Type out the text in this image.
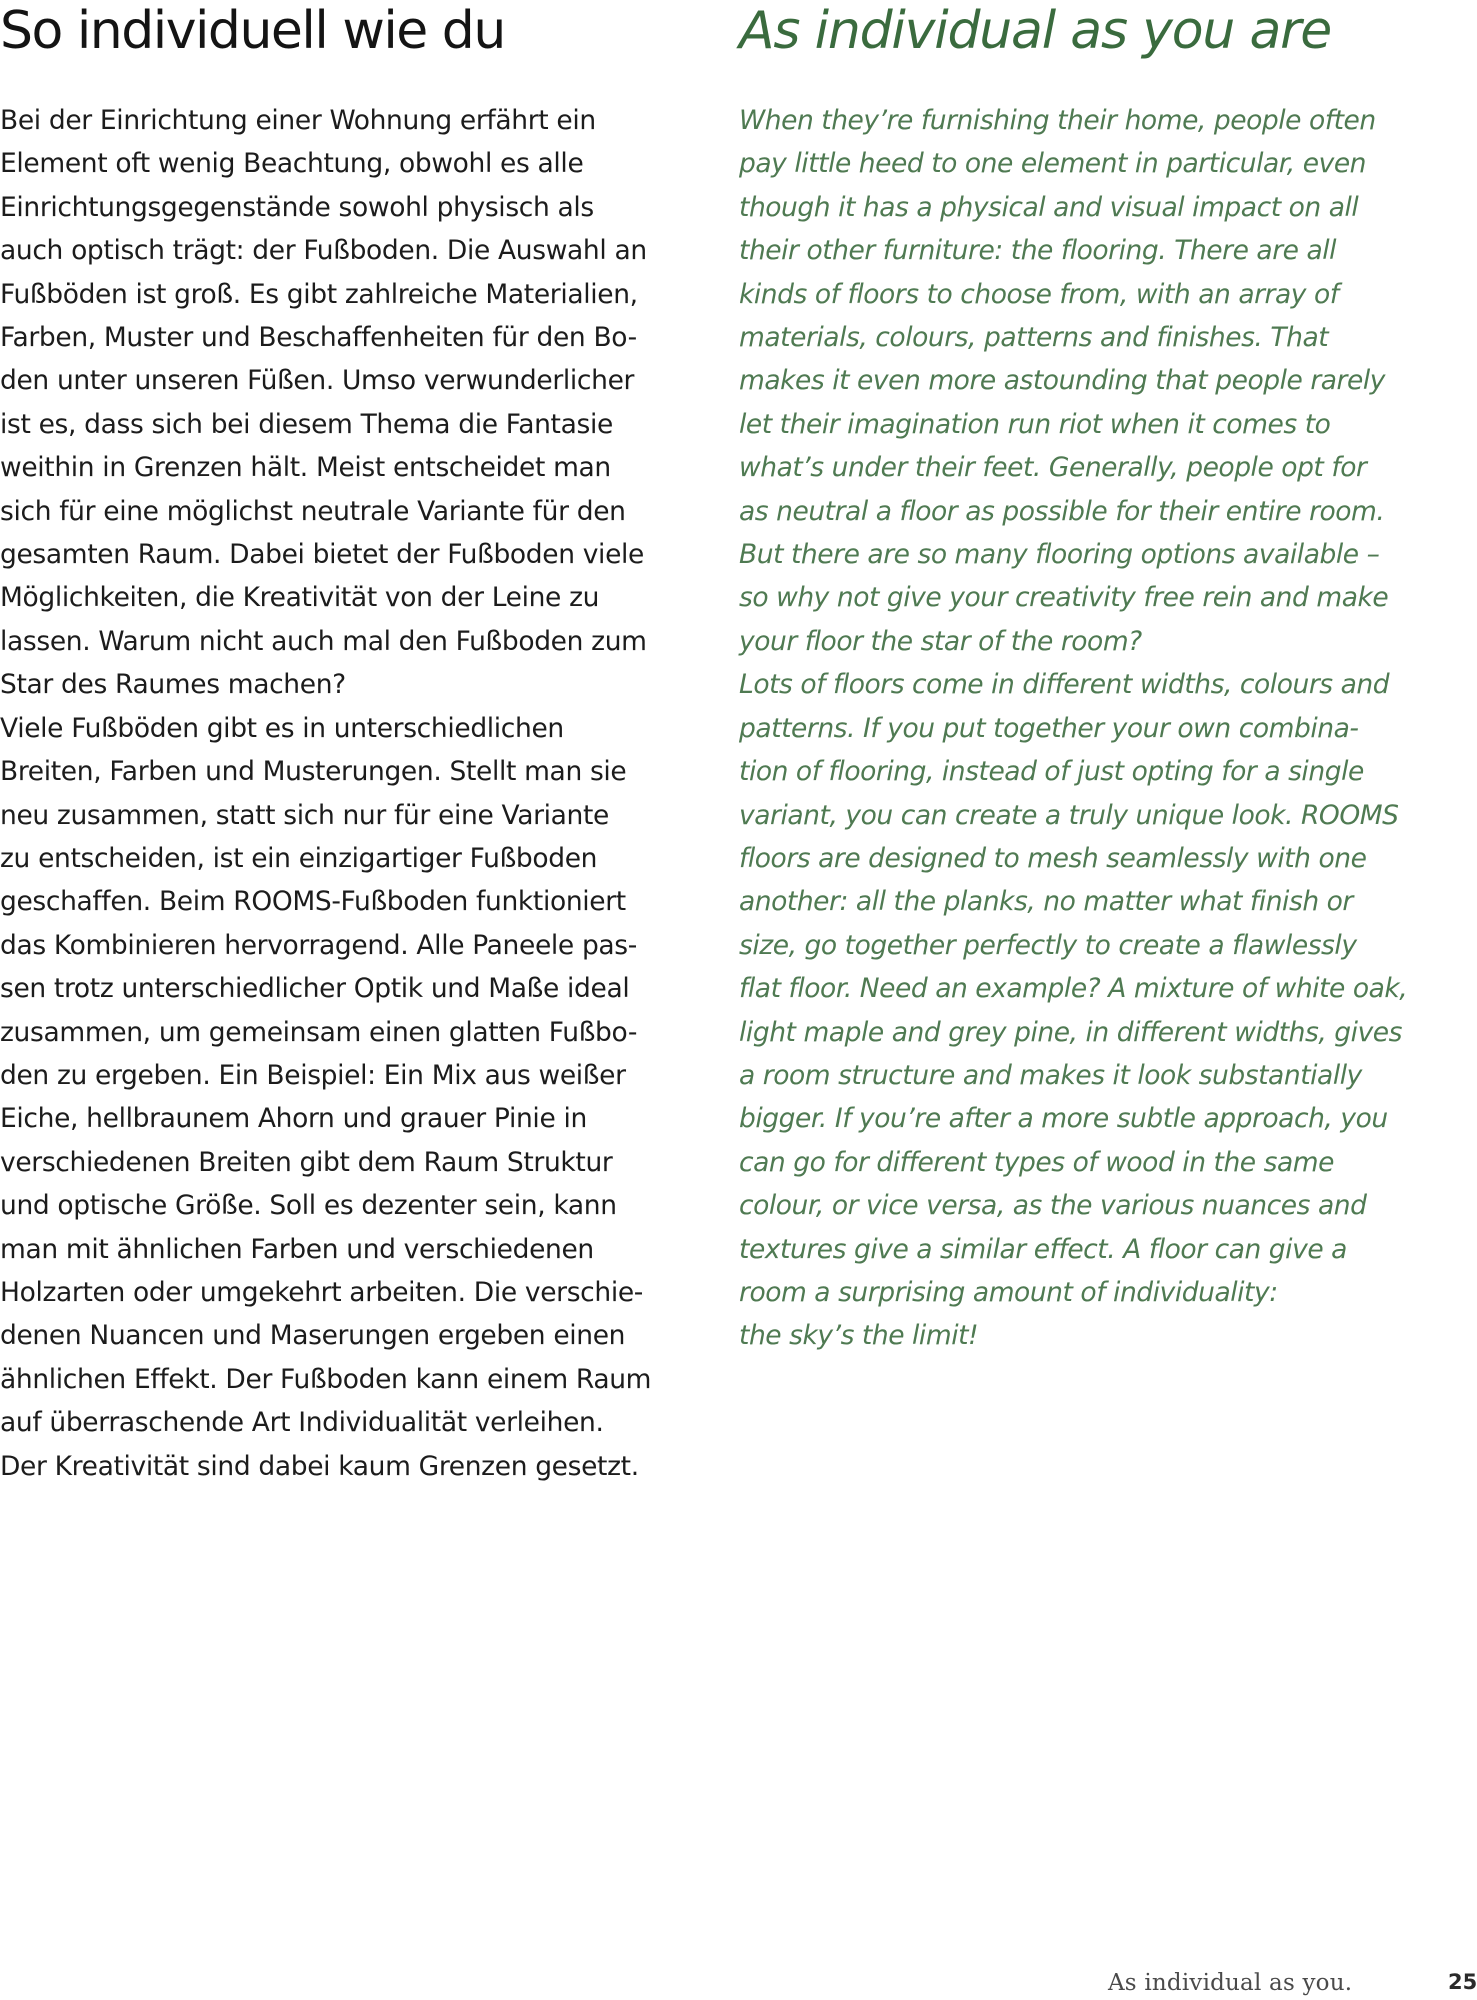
So individuell wie du
Bei der Einrichtung einer Wohnung erfährt ein
Element oft wenig Beachtung, obwohl es alle
Einrichtungsgegenstände sowohl physisch als
auch optisch trägt: der Fußboden. Die Auswahl an
Fußböden ist groß. Es gibt zahlreiche Materialien,
Farben, Muster und Beschaffenheiten für den Bo-
den unter unseren Füßen. Umso verwunderlicher
ist es, dass sich bei diesem Thema die Fantasie
weithin in Grenzen hält. Meist entscheidet man
sich für eine möglichst neutrale Variante für den
gesamten Raum. Dabei bietet der Fußboden viele
Möglichkeiten, die Kreativität von der Leine zu
lassen. Warum nicht auch mal den Fußboden zum
Star des Raumes machen?
Viele Fußböden gibt es in unterschiedlichen
Breiten, Farben und Musterungen. Stellt man sie
neu zusammen, statt sich nur für eine Variante
zu entscheiden, ist ein einzigartiger Fußboden
geschaffen. Beim ROOMS-Fußboden funktioniert
das Kombinieren hervorragend. Alle Paneele pas-
sen trotz unterschiedlicher Optik und Maße ideal
zusammen, um gemeinsam einen glatten Fußbo-
den zu ergeben. Ein Beispiel: Ein Mix aus weißer
Eiche, hellbraunem Ahorn und grauer Pinie in
verschiedenen Breiten gibt dem Raum Struktur
und optische Größe. Soll es dezenter sein, kann
man mit ähnlichen Farben und verschiedenen
Holzarten oder umgekehrt arbeiten. Die verschie-
denen Nuancen und Maserungen ergeben einen
ähnlichen Effekt. Der Fußboden kann einem Raum
auf überraschende Art Individualität verleihen.
Der Kreativität sind dabei kaum Grenzen gesetzt.
As individual as you are
When they’re furnishing their home, people often
pay little heed to one element in particular, even
though it has a physical and visual impact on all
their other furniture: the flooring. There are all
kinds of floors to choose from, with an array of
materials, colours, patterns and finishes. That
makes it even more astounding that people rarely
let their imagination run riot when it comes to
what’s under their feet. Generally, people opt for
as neutral a floor as possible for their entire room.
But there are so many flooring options available –
so why not give your creativity free rein and make
your floor the star of the room?
Lots of floors come in different widths, colours and
patterns. If you put together your own combina-
tion of flooring, instead of just opting for a single
variant, you can create a truly unique look. ROOMS
floors are designed to mesh seamlessly with one
another: all the planks, no matter what finish or
size, go together perfectly to create a flawlessly
flat floor. Need an example? A mixture of white oak,
light maple and grey pine, in different widths, gives
a room structure and makes it look substantially
bigger. If you’re after a more subtle approach, you
can go for different types of wood in the same
colour, or vice versa, as the various nuances and
textures give a similar effect. A floor can give a
room a surprising amount of individuality:
the sky’s the limit!
As individual as you.	25
